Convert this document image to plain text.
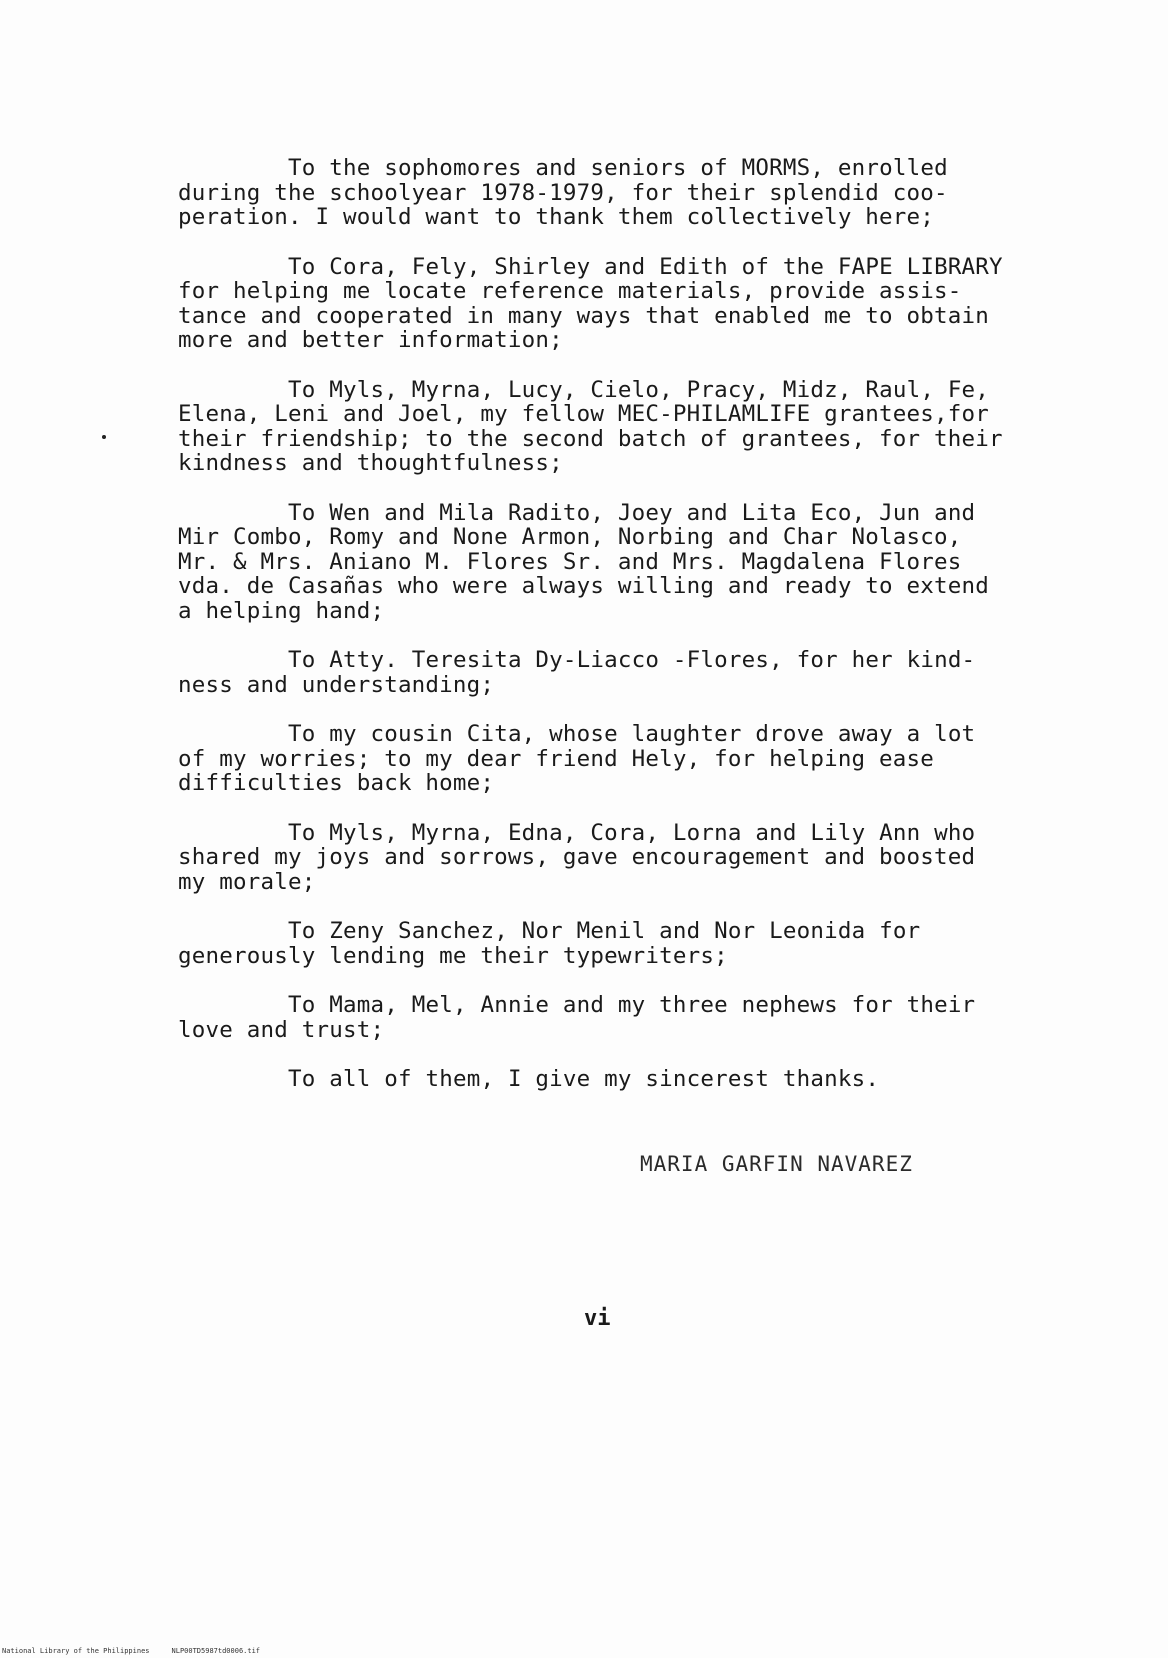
To the sophomores and seniors of MORMS, enrolled
during the schoolyear 1978-1979, for their splendid coo-
peration. I would want to thank them collectively here;

To Cora, Fely, Shirley and Edith of the FAPE LIBRARY
for helping me locate reference materials, provide assis-
tance and cooperated in many ways that enabled me to obtain
more and better information;

To Myls, Myrna, Lucy, Cielo, Pracy, Midz, Raul, Fe,
Elena, Leni and Joel, my fellow MEC-PHILAMLIFE grantees,for
their friendship; to the second batch of grantees, for their
kindness and thoughtfulness;

To Wen and Mila Radito, Joey and Lita Eco, Jun and
Mir Combo, Romy and None Armon, Norbing and Char Nolasco,
Mr. & Mrs. Aniano M. Flores Sr. and Mrs. Magdalena Flores
vda. de Casañas who were always willing and ready to extend
a helping hand;

To Atty. Teresita Dy-Liacco -Flores, for her kind-
ness and understanding;

To my cousin Cita, whose laughter drove away a lot
of my worries; to my dear friend Hely, for helping ease
difficulties back home;

To Myls, Myrna, Edna, Cora, Lorna and Lily Ann who
shared my joys and sorrows, gave encouragement and boosted
my morale;

To Zeny Sanchez, Nor Menil and Nor Leonida for
generously lending me their typewriters;

To Mama, Mel, Annie and my three nephews for their
love and trust;

To all of them, I give my sincerest thanks.

MARIA GARFIN NAVAREZ
vi
National Library of the Philippines	NLP00TD5987td0006.tif
